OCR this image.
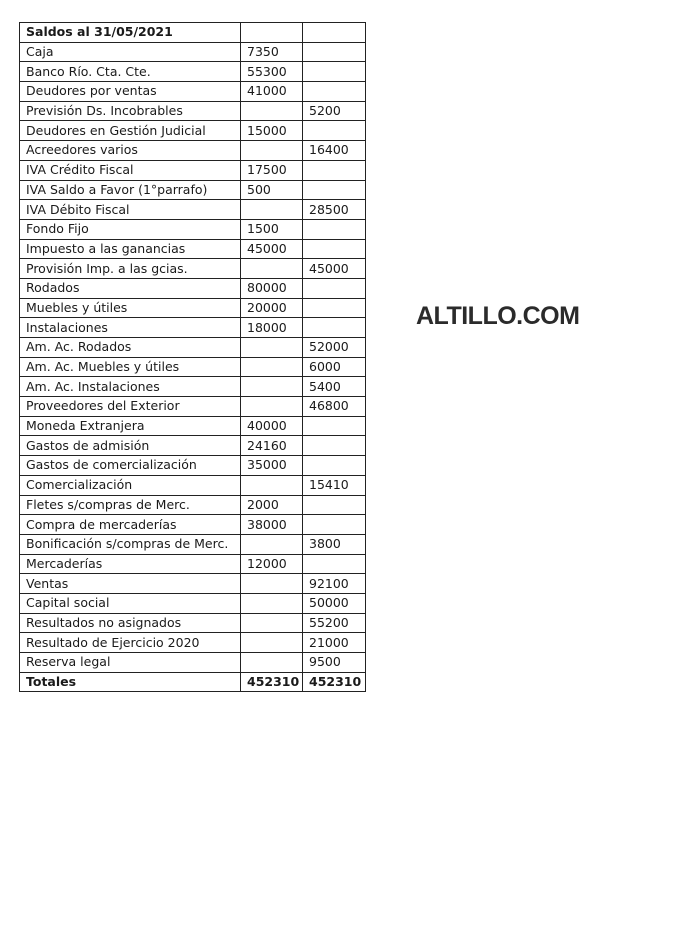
Saldos al 31/05/2021		
Caja	7350	
Banco Río. Cta. Cte.	55300	
Deudores por ventas	41000	
Previsión Ds. Incobrables		5200
Deudores en Gestión Judicial	15000	
Acreedores varios		16400
IVA Crédito Fiscal	17500	
IVA Saldo a Favor (1°parrafo)	500	
IVA Débito Fiscal		28500
Fondo Fijo	1500	
Impuesto a las ganancias	45000	
Provisión Imp. a las gcias.		45000
Rodados	80000	
Muebles y útiles	20000	
Instalaciones	18000	
Am. Ac. Rodados		52000
Am. Ac. Muebles y útiles		6000
Am. Ac. Instalaciones		5400
Proveedores del Exterior		46800
Moneda Extranjera	40000	
Gastos de admisión	24160	
Gastos de comercialización	35000	
Comercialización		15410
Fletes s/compras de Merc.	2000	
Compra de mercaderías	38000	
Bonificación s/compras de Merc.		3800
Mercaderías	12000	
Ventas		92100
Capital social		50000
Resultados no asignados		55200
Resultado de Ejercicio 2020		21000
Reserva legal		9500
Totales	452310	452310
ALTILLO.COM
